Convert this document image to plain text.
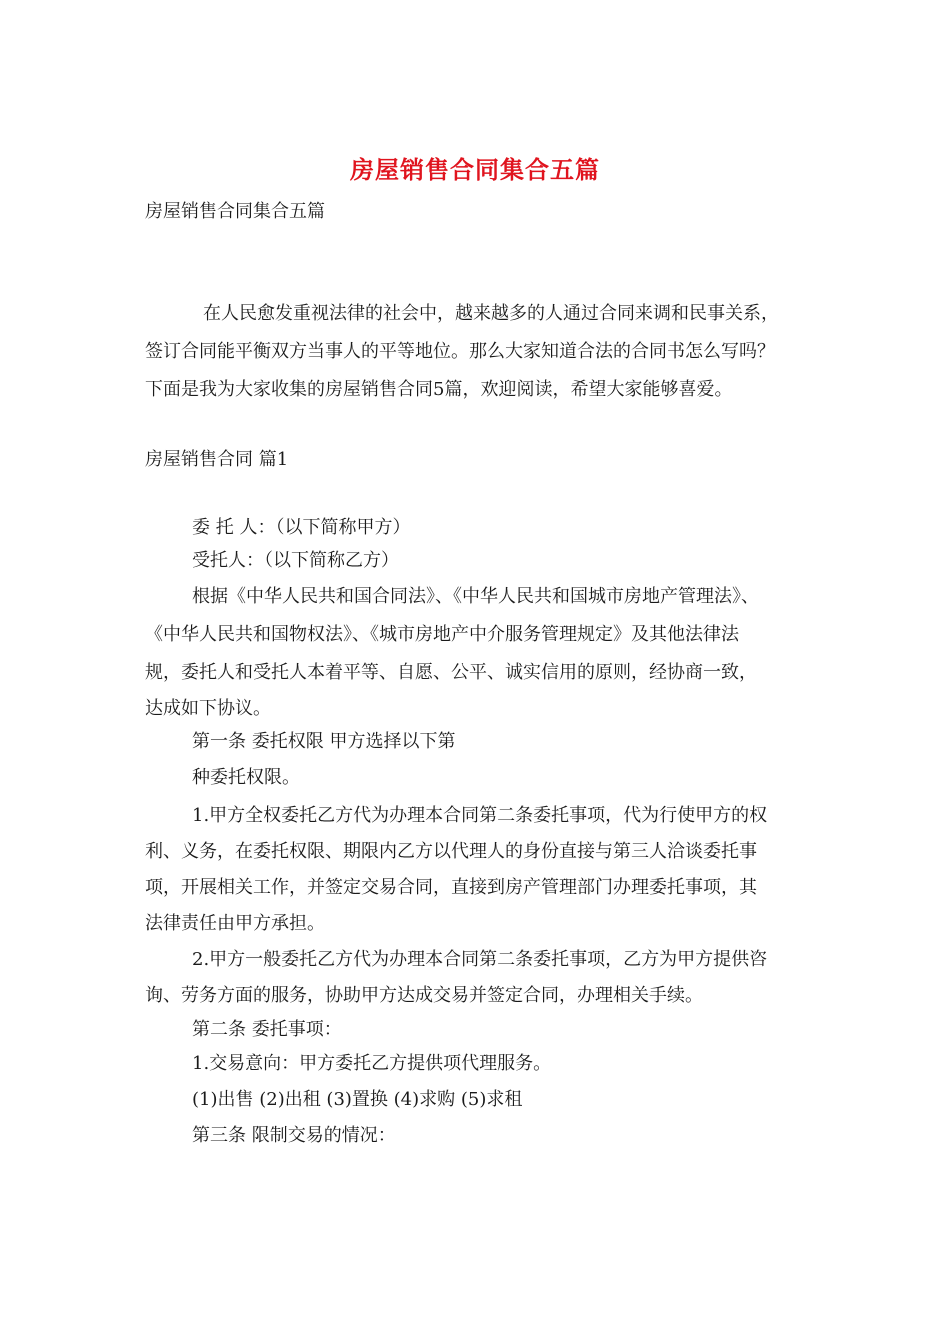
房屋销售合同集合五篇
房屋销售合同集合五篇
在人民愈发重视法律的社会中，越来越多的人通过合同来调和民事关系，
签订合同能平衡双方当事人的平等地位。那么大家知道合法的合同书怎么写吗？
下面是我为大家收集的房屋销售合同5篇，欢迎阅读，希望大家能够喜爱。
房屋销售合同 篇1
委 托 人：（以下简称甲方）
受托人：（以下简称乙方）
根据《中华人民共和国合同法》、《中华人民共和国城市房地产管理法》、
《中华人民共和国物权法》、《城市房地产中介服务管理规定》及其他法律法
规，委托人和受托人本着平等、自愿、公平、诚实信用的原则，经协商一致，
达成如下协议。
第一条 委托权限 甲方选择以下第
种委托权限。
1.甲方全权委托乙方代为办理本合同第二条委托事项，代为行使甲方的权
利、义务，在委托权限、期限内乙方以代理人的身份直接与第三人洽谈委托事
项，开展相关工作，并签定交易合同，直接到房产管理部门办理委托事项，其
法律责任由甲方承担。
2.甲方一般委托乙方代为办理本合同第二条委托事项，乙方为甲方提供咨
询、劳务方面的服务，协助甲方达成交易并签定合同，办理相关手续。
第二条 委托事项：
1.交易意向：甲方委托乙方提供项代理服务。
(1)出售 (2)出租 (3)置换 (4)求购 (5)求租
第三条 限制交易的情况：
